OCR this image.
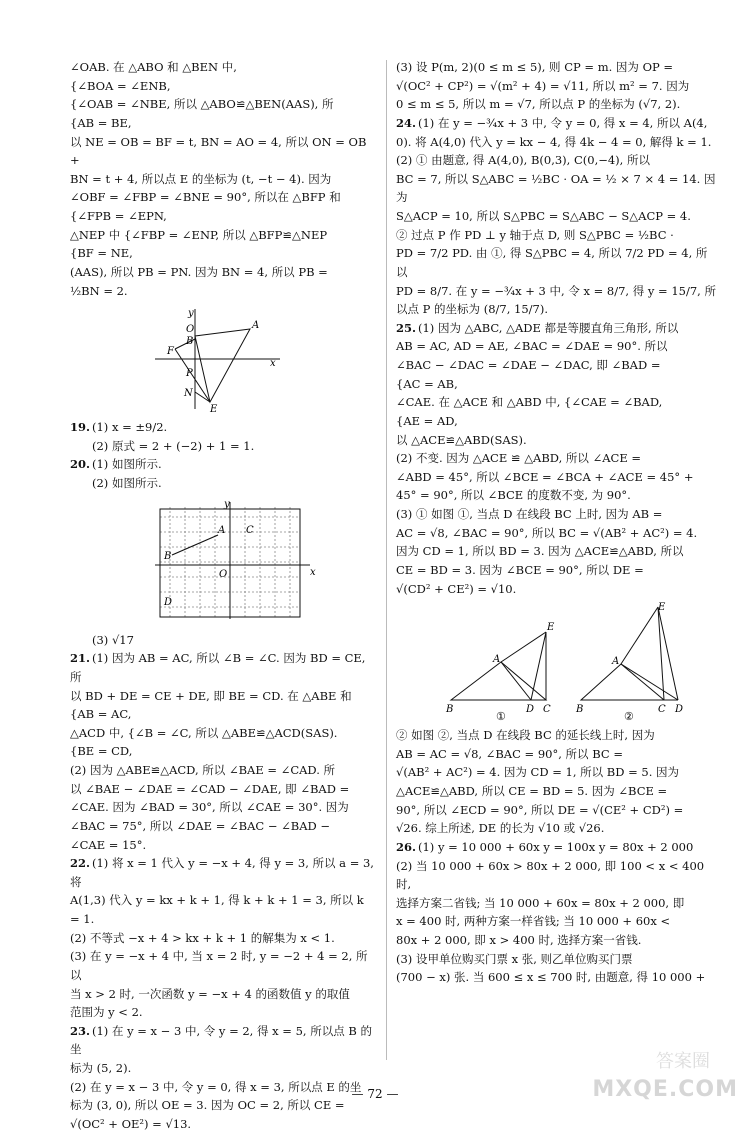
∠OAB. 在 △ABO 和 △BEN 中,

{∠BOA = ∠ENB,

{∠OAB = ∠NBE, 所以 △ABO≌△BEN(AAS), 所

{AB = BE,

以 NE = OB = BF = t, BN = AO = 4, 所以 ON = OB +

BN = t + 4, 所以点 E 的坐标为 (t, −t − 4). 因为

∠OBF = ∠FBP = ∠BNE = 90°, 所以在 △BFP 和

{∠FPB = ∠EPN,

△NEP 中 {∠FBP = ∠ENP, 所以 △BFP≌△NEP

{BF = NE,

(AAS), 所以 PB = PN. 因为 BN = 4, 所以 PB =

½BN = 2.

y
O	A
x
B
F
P
N
E

19. (1) x = ±9/2.

(2) 原式 = 2 + (−2) + 1 = 1.

20. (1) 如图所示.

(2) 如图所示.

y
A C
B
O	x
D

(3) √17

21. (1) 因为 AB = AC, 所以 ∠B = ∠C. 因为 BD = CE, 所

以 BD + DE = CE + DE, 即 BE = CD. 在 △ABE 和

{AB = AC,

△ACD 中, {∠B = ∠C, 所以 △ABE≌△ACD(SAS).

{BE = CD,

(2) 因为 △ABE≌△ACD, 所以 ∠BAE = ∠CAD. 所

以 ∠BAE − ∠DAE = ∠CAD − ∠DAE, 即 ∠BAD =

∠CAE. 因为 ∠BAD = 30°, 所以 ∠CAE = 30°. 因为

∠BAC = 75°, 所以 ∠DAE = ∠BAC − ∠BAD −

∠CAE = 15°.

22. (1) 将 x = 1 代入 y = −x + 4, 得 y = 3, 所以 a = 3, 将

A(1,3) 代入 y = kx + k + 1, 得 k + k + 1 = 3, 所以 k = 1.

(2) 不等式 −x + 4 > kx + k + 1 的解集为 x < 1.

(3) 在 y = −x + 4 中, 当 x = 2 时, y = −2 + 4 = 2, 所以

当 x > 2 时, 一次函数 y = −x + 4 的函数值 y 的取值

范围为 y < 2.

23. (1) 在 y = x − 3 中, 令 y = 2, 得 x = 5, 所以点 B 的坐

标为 (5, 2).

(2) 在 y = x − 3 中, 令 y = 0, 得 x = 3, 所以点 E 的坐

标为 (3, 0), 所以 OE = 3. 因为 OC = 2, 所以 CE =

√(OC² + OE²) = √13.

(3) 设 P(m, 2)(0 ≤ m ≤ 5), 则 CP = m. 因为 OP =

√(OC² + CP²) = √(m² + 4) = √11, 所以 m² = 7. 因为

0 ≤ m ≤ 5, 所以 m = √7, 所以点 P 的坐标为 (√7, 2).

24. (1) 在 y = −¾x + 3 中, 令 y = 0, 得 x = 4, 所以 A(4,

0). 将 A(4,0) 代入 y = kx − 4, 得 4k − 4 = 0, 解得 k = 1.

(2) ① 由题意, 得 A(4,0), B(0,3), C(0,−4), 所以

BC = 7, 所以 S△ABC = ½BC · OA = ½ × 7 × 4 = 14. 因为

S△ACP = 10, 所以 S△PBC = S△ABC − S△ACP = 4.

② 过点 P 作 PD ⊥ y 轴于点 D, 则 S△PBC = ½BC ·

PD = 7/2 PD. 由 ①, 得 S△PBC = 4, 所以 7/2 PD = 4, 所以

PD = 8/7. 在 y = −¾x + 3 中, 令 x = 8/7, 得 y = 15/7, 所

以点 P 的坐标为 (8/7, 15/7).

25. (1) 因为 △ABC, △ADE 都是等腰直角三角形, 所以

AB = AC, AD = AE, ∠BAC = ∠DAE = 90°. 所以

∠BAC − ∠DAC = ∠DAE − ∠DAC, 即 ∠BAD =

{AC = AB,

∠CAE. 在 △ACE 和 △ABD 中, {∠CAE = ∠BAD,

{AE = AD,

以 △ACE≌△ABD(SAS).

(2) 不变. 因为 △ACE ≌ △ABD, 所以 ∠ACE =

∠ABD = 45°, 所以 ∠BCE = ∠BCA + ∠ACE = 45° +

45° = 90°, 所以 ∠BCE 的度数不变, 为 90°.

(3) ① 如图 ①, 当点 D 在线段 BC 上时, 因为 AB =

AC = √8, ∠BAC = 90°, 所以 BC = √(AB² + AC²) = 4.

因为 CD = 1, 所以 BD = 3. 因为 △ACE≌△ABD, 所以

CE = BD = 3. 因为 ∠BCE = 90°, 所以 DE =

√(CD² + CE²) = √10.

A
E
B	D C
①
A
E
B	C D
②

② 如图 ②, 当点 D 在线段 BC 的延长线上时, 因为

AB = AC = √8, ∠BAC = 90°, 所以 BC =

√(AB² + AC²) = 4. 因为 CD = 1, 所以 BD = 5. 因为

△ACE≌△ABD, 所以 CE = BD = 5. 因为 ∠BCE =

90°, 所以 ∠ECD = 90°, 所以 DE = √(CE² + CD²) =

√26. 综上所述, DE 的长为 √10 或 √26.

26. (1) y = 10 000 + 60x y = 100x y = 80x + 2 000

(2) 当 10 000 + 60x > 80x + 2 000, 即 100 < x < 400 时,

选择方案二省钱; 当 10 000 + 60x = 80x + 2 000, 即

x = 400 时, 两种方案一样省钱; 当 10 000 + 60x <

80x + 2 000, 即 x > 400 时, 选择方案一省钱.

(3) 设甲单位购买门票 x 张, 则乙单位购买门票

(700 − x) 张. 当 600 ≤ x ≤ 700 时, 由题意, 得 10 000 +

— 72 —
答案圈
MXQE.COM
